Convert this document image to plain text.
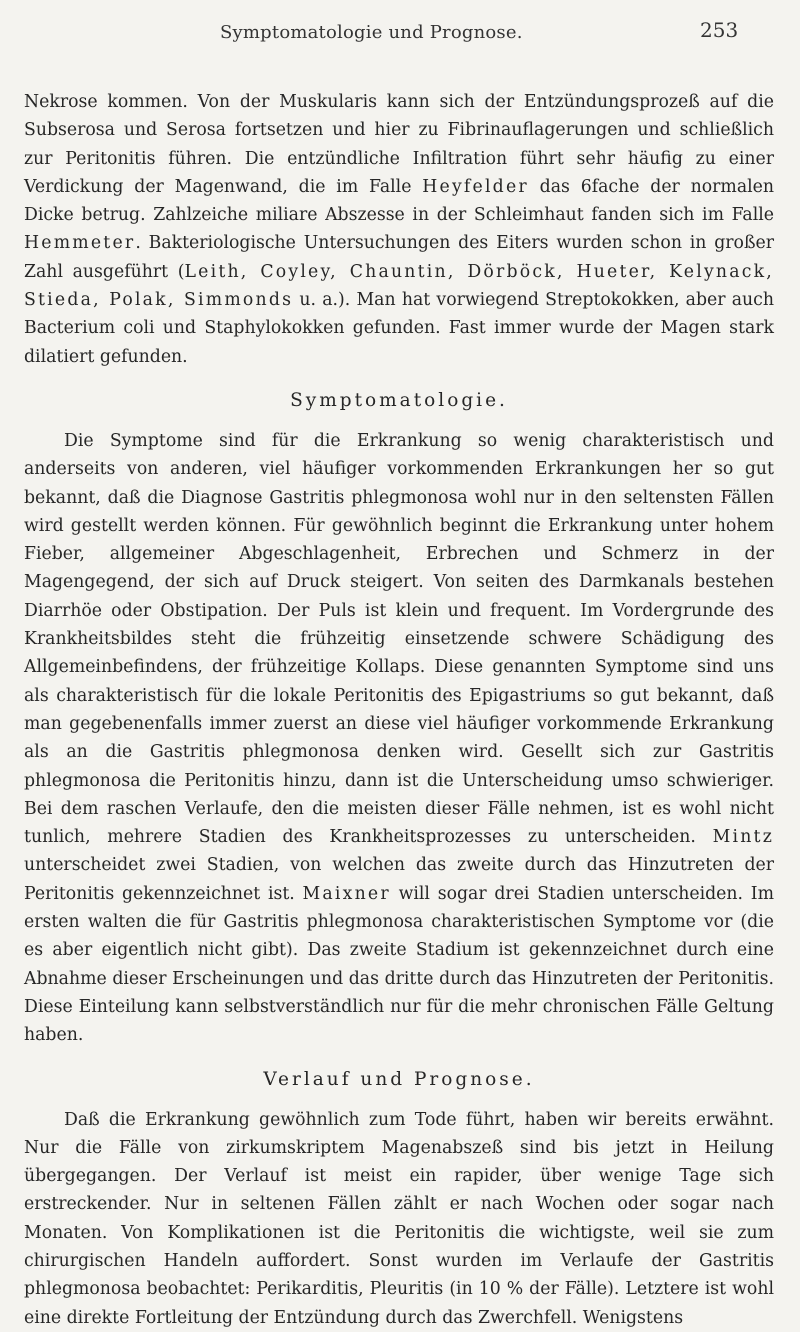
Symptomatologie und Prognose.	253

Nekrose kommen. Von der Muskularis kann sich der Entzündungsprozeß auf die Subserosa und Serosa fortsetzen und hier zu Fibrinauflagerungen und schließlich zur Peritonitis führen. Die entzündliche Infiltration führt sehr häufig zu einer Verdickung der Magenwand, die im Falle Heyfelder das 6fache der normalen Dicke betrug. Zahlzeiche miliare Abszesse in der Schleimhaut fanden sich im Falle Hemmeter. Bakteriologische Untersuchungen des Eiters wurden schon in großer Zahl ausgeführt (Leith, Coyley, Chauntin, Dörböck, Hueter, Kelynack, Stieda, Polak, Simmonds u. a.). Man hat vorwiegend Streptokokken, aber auch Bacterium coli und Staphylokokken gefunden. Fast immer wurde der Magen stark dilatiert gefunden.

Symptomatologie.

Die Symptome sind für die Erkrankung so wenig charakteristisch und anderseits von anderen, viel häufiger vorkommenden Erkrankungen her so gut bekannt, daß die Diagnose Gastritis phlegmonosa wohl nur in den seltensten Fällen wird gestellt werden können. Für gewöhnlich beginnt die Erkrankung unter hohem Fieber, allgemeiner Abgeschlagenheit, Erbrechen und Schmerz in der Magengegend, der sich auf Druck steigert. Von seiten des Darmkanals bestehen Diarrhöe oder Obstipation. Der Puls ist klein und frequent. Im Vordergrunde des Krankheitsbildes steht die frühzeitig einsetzende schwere Schädigung des Allgemeinbefindens, der frühzeitige Kollaps. Diese genannten Symptome sind uns als charakteristisch für die lokale Peritonitis des Epigastriums so gut bekannt, daß man gegebenenfalls immer zuerst an diese viel häufiger vorkommende Erkrankung als an die Gastritis phlegmonosa denken wird. Gesellt sich zur Gastritis phlegmonosa die Peritonitis hinzu, dann ist die Unterscheidung umso schwieriger. Bei dem raschen Verlaufe, den die meisten dieser Fälle nehmen, ist es wohl nicht tunlich, mehrere Stadien des Krankheitsprozesses zu unterscheiden. Mintz unterscheidet zwei Stadien, von welchen das zweite durch das Hinzutreten der Peritonitis gekennzeichnet ist. Maixner will sogar drei Stadien unterscheiden. Im ersten walten die für Gastritis phlegmonosa charakteristischen Symptome vor (die es aber eigentlich nicht gibt). Das zweite Stadium ist gekennzeichnet durch eine Abnahme dieser Erscheinungen und das dritte durch das Hinzutreten der Peritonitis. Diese Einteilung kann selbstverständlich nur für die mehr chronischen Fälle Geltung haben.

Verlauf und Prognose.

Daß die Erkrankung gewöhnlich zum Tode führt, haben wir bereits erwähnt. Nur die Fälle von zirkumskriptem Magenabszeß sind bis jetzt in Heilung übergegangen. Der Verlauf ist meist ein rapider, über wenige Tage sich erstreckender. Nur in seltenen Fällen zählt er nach Wochen oder sogar nach Monaten. Von Komplikationen ist die Peritonitis die wichtigste, weil sie zum chirurgischen Handeln auffordert. Sonst wurden im Verlaufe der Gastritis phlegmonosa beobachtet: Perikarditis, Pleuritis (in 10 % der Fälle). Letztere ist wohl eine direkte Fortleitung der Entzündung durch das Zwerchfell. Wenigstens
